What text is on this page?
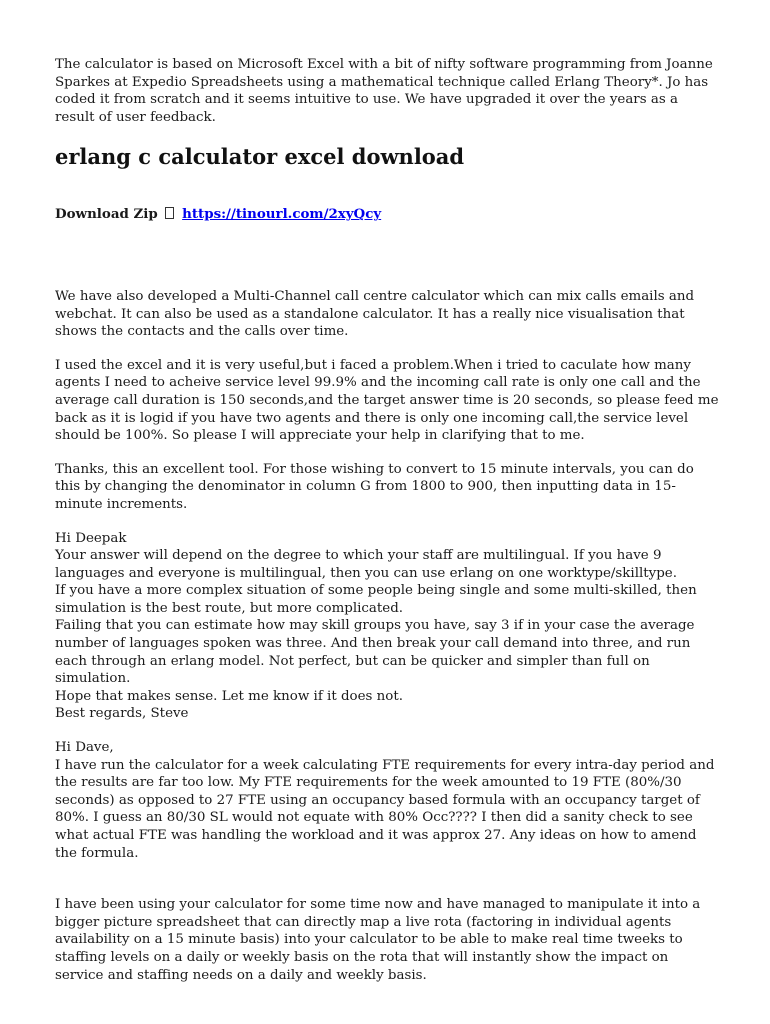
The calculator is based on Microsoft Excel with a bit of nifty software programming from Joanne Sparkes at Expedio Spreadsheets using a mathematical technique called Erlang Theory*. Jo has coded it from scratch and it seems intuitive to use. We have upgraded it over the years as a result of user feedback.

erlang c calculator excel download

Download Zip https://tinourl.com/2xyQcy

We have also developed a Multi-Channel call centre calculator which can mix calls emails and webchat. It can also be used as a standalone calculator. It has a really nice visualisation that shows the contacts and the calls over time.

I used the excel and it is very useful,but i faced a problem.When i tried to caculate how many agents I need to acheive service level 99.9% and the incoming call rate is only one call and the average call duration is 150 seconds,and the target answer time is 20 seconds, so please feed me back as it is logid if you have two agents and there is only one incoming call,the service level should be 100%. So please I will appreciate your help in clarifying that to me.

Thanks, this an excellent tool. For those wishing to convert to 15 minute intervals, you can do this by changing the denominator in column G from 1800 to 900, then inputting data in 15-minute increments.

Hi Deepak

Your answer will depend on the degree to which your staff are multilingual. If you have 9 languages and everyone is multilingual, then you can use erlang on one worktype/skilltype.

If you have a more complex situation of some people being single and some multi-skilled, then simulation is the best route, but more complicated.

Failing that you can estimate how may skill groups you have, say 3 if in your case the average number of languages spoken was three. And then break your call demand into three, and run each through an erlang model. Not perfect, but can be quicker and simpler than full on simulation.

Hope that makes sense. Let me know if it does not.

Best regards, Steve

Hi Dave,

I have run the calculator for a week calculating FTE requirements for every intra-day period and the results are far too low. My FTE requirements for the week amounted to 19 FTE (80%/30 seconds) as opposed to 27 FTE using an occupancy based formula with an occupancy target of 80%. I guess an 80/30 SL would not equate with 80% Occ???? I then did a sanity check to see what actual FTE was handling the workload and it was approx 27. Any ideas on how to amend the formula.

I have been using your calculator for some time now and have managed to manipulate it into a bigger picture spreadsheet that can directly map a live rota (factoring in individual agents availability on a 15 minute basis) into your calculator to be able to make real time tweeks to staffing levels on a daily or weekly basis on the rota that will instantly show the impact on service and staffing needs on a daily and weekly basis.
